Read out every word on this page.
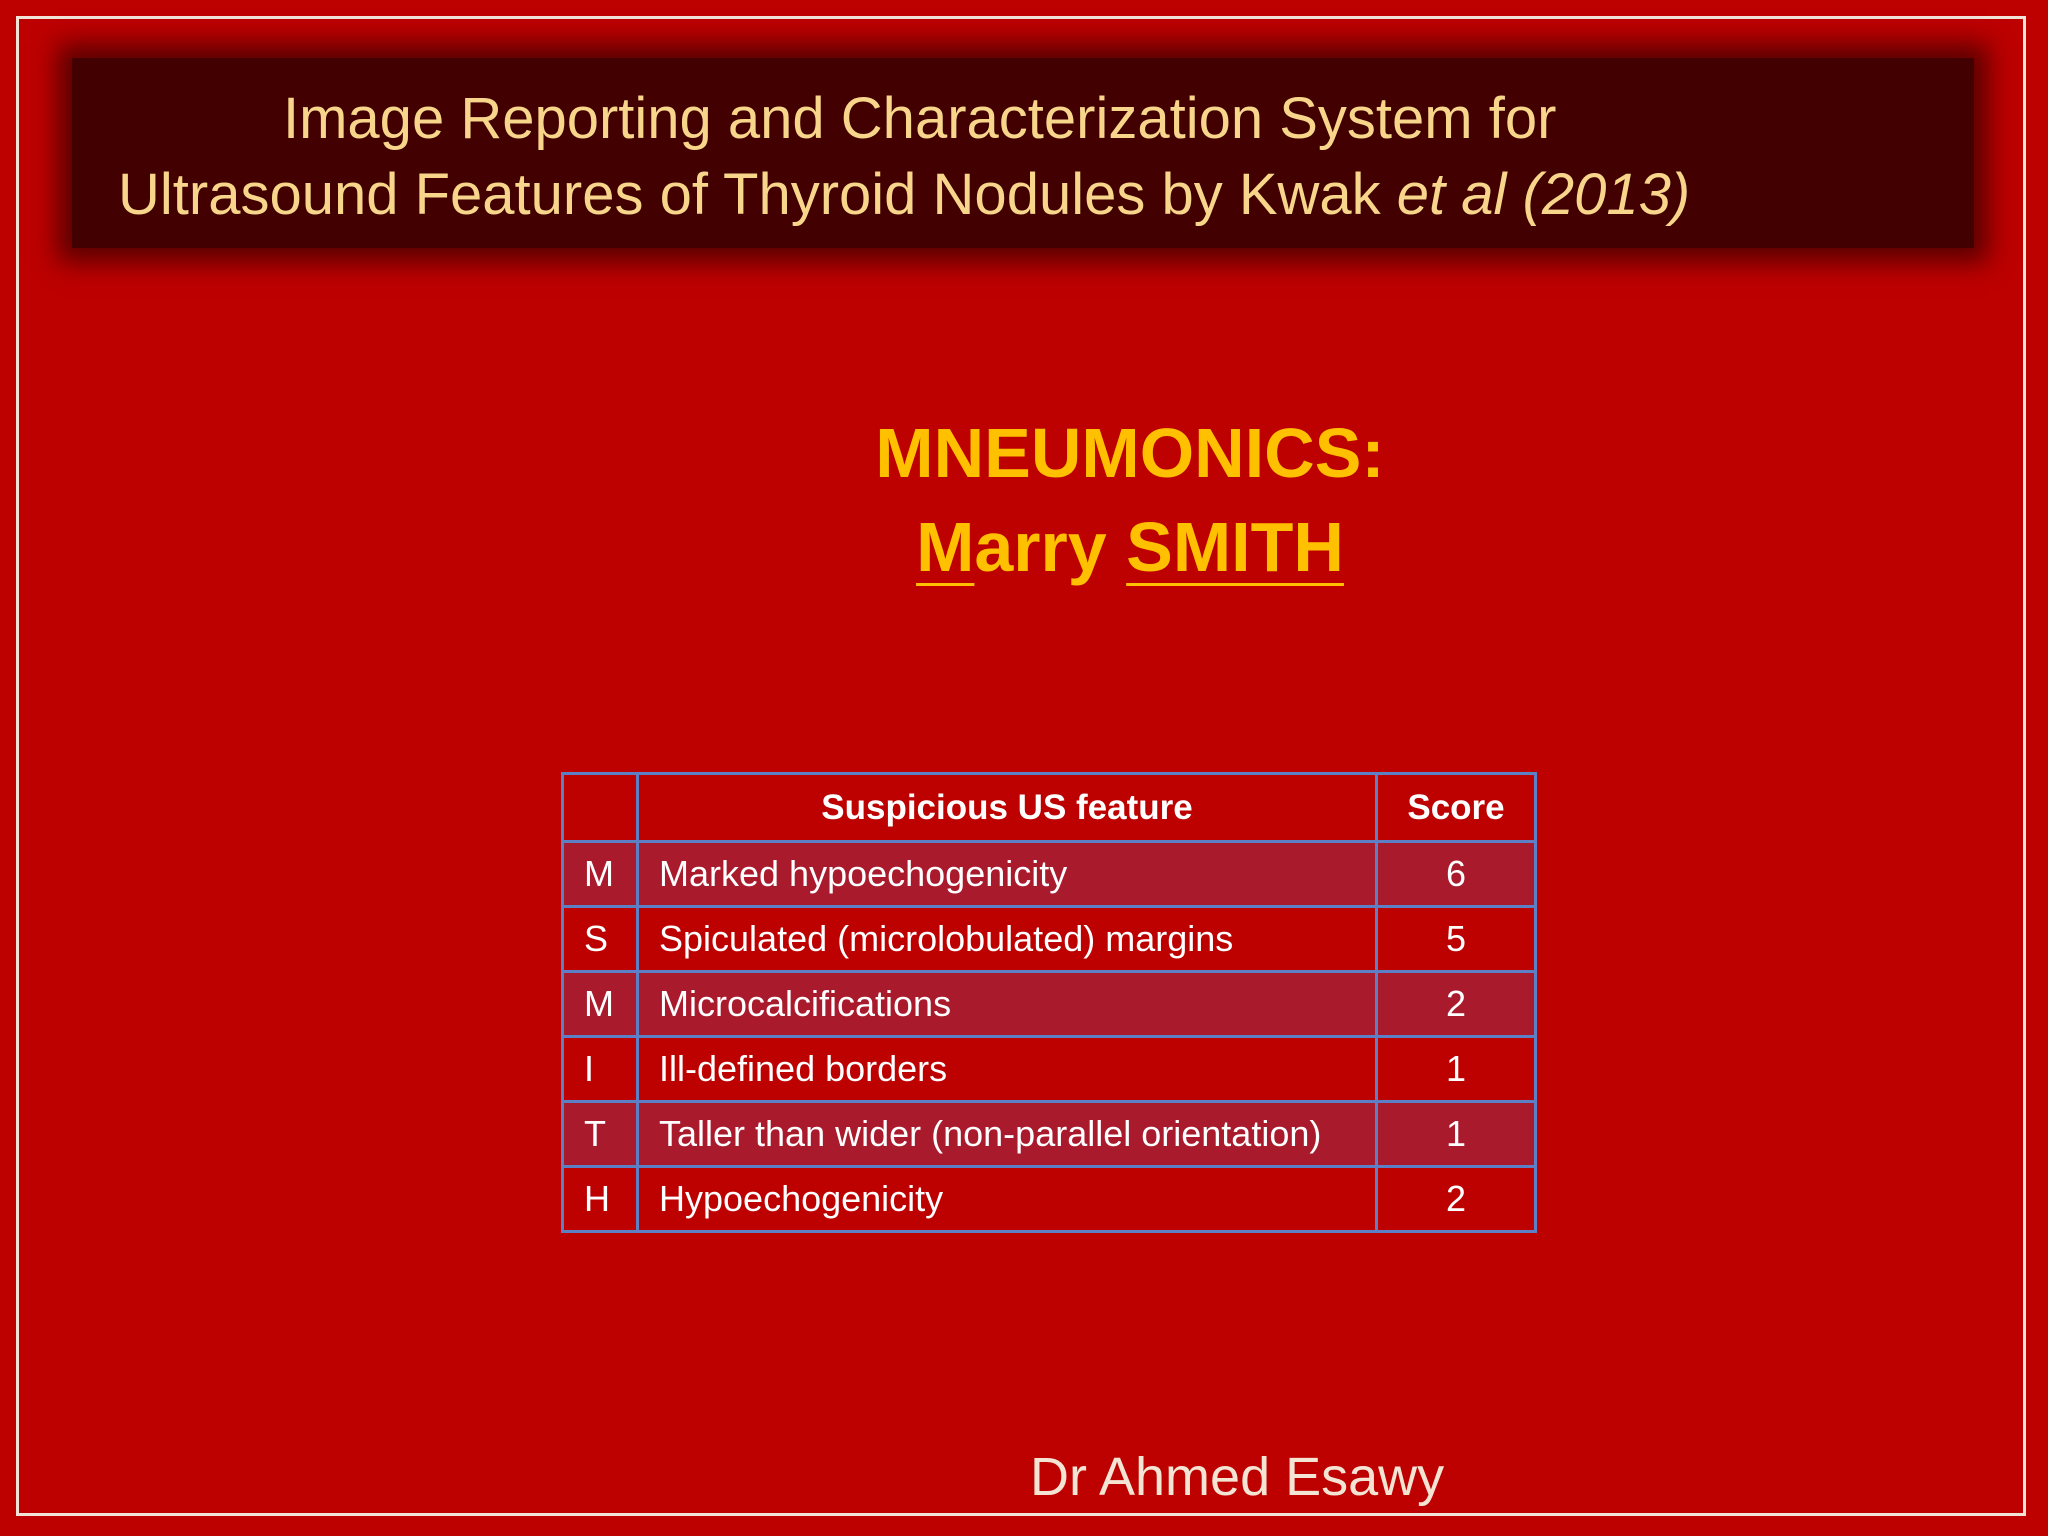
Image Reporting and Characterization System for
Ultrasound Features of Thyroid Nodules by Kwak et al (2013)
MNEUMONICS:
Marry SMITH
	Suspicious US feature	Score
M	Marked hypoechogenicity	6
S	Spiculated (microlobulated) margins	5
M	Microcalcifications	2
I	Ill-defined borders	1
T	Taller than wider (non-parallel orientation)	1
H	Hypoechogenicity	2
Dr Ahmed Esawy
